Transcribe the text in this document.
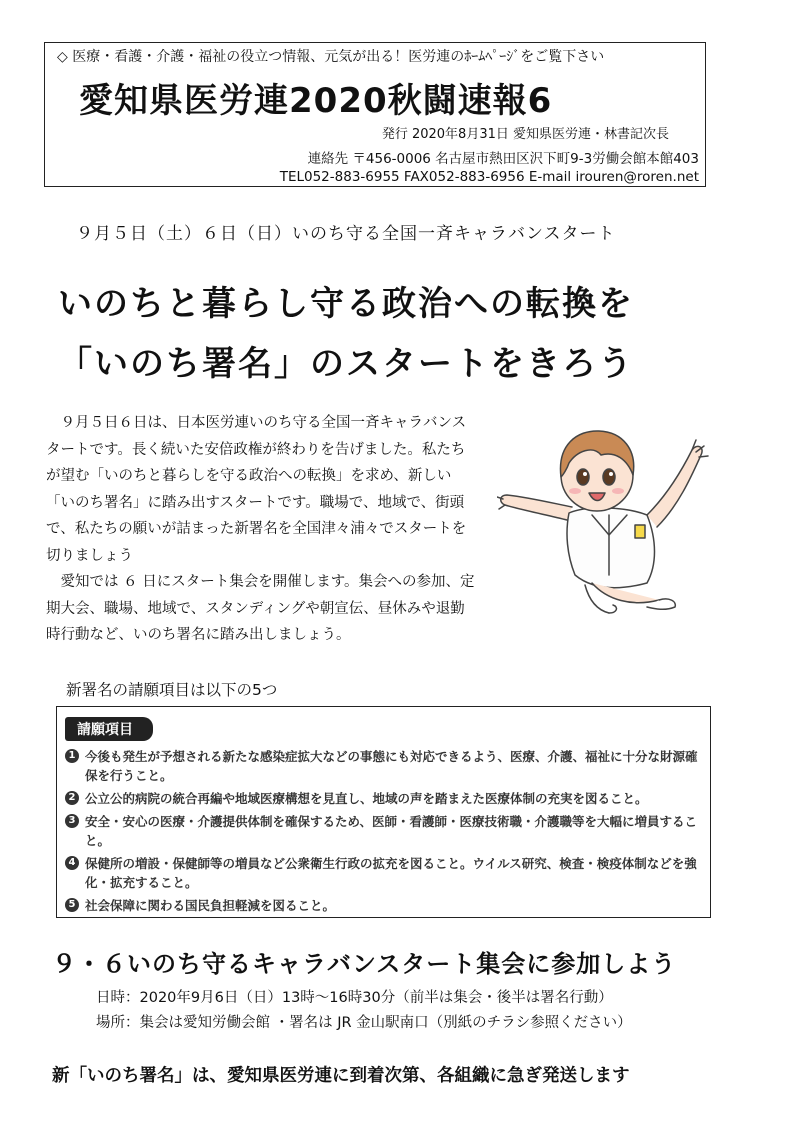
◇ 医療・看護・介護・福祉の役立つ情報、元気が出る！医労連のﾎｰﾑﾍﾟｰｼﾞをご覧下さい
愛知県医労連2020秋闘速報6
発行 2020年8月31日 愛知県医労連・林書記次長
連絡先 〒456-0006 名古屋市熱田区沢下町9-3労働会館本館403
TEL052-883-6955 FAX052-883-6956 E-mail irouren@roren.net
９月５日（土）６日（日）いのち守る全国一斉キャラバンスタート
いのちと暮らし守る政治への転換を
「いのち署名」のスタートをきろう

９月５日６日は、日本医労連いのち守る全国一斉キャラバンスタートです。長く続いた安倍政権が終わりを告げました。私たちが望む「いのちと暮らしを守る政治への転換」を求め、新しい「いのち署名」に踏み出すスタートです。職場で、地域で、街頭で、私たちの願いが詰まった新署名を全国津々浦々でスタートを切りましょう

愛知では ６ 日にスタート集会を開催します。集会への参加、定期大会、職場、地域で、スタンディングや朝宣伝、昼休みや退勤時行動など、いのち署名に踏み出しましょう。

新署名の請願項目は以下の5つ
請願項目
1 今後も発生が予想される新たな感染症拡大などの事態にも対応できるよう、医療、介護、福祉に十分な財源確保を行うこと。
2 公立公的病院の統合再編や地域医療構想を見直し、地域の声を踏まえた医療体制の充実を図ること。
3 安全・安心の医療・介護提供体制を確保するため、医師・看護師・医療技術職・介護職等を大幅に増員すること。
4 保健所の増設・保健師等の増員など公衆衛生行政の拡充を図ること。ウイルス研究、検査・検疫体制などを強化・拡充すること。
5 社会保障に関わる国民負担軽減を図ること。
９・６いのち守るキャラバンスタート集会に参加しよう
日時：2020年9月6日（日）13時～16時30分（前半は集会・後半は署名行動）
場所：集会は愛知労働会館 ・署名は JR 金山駅南口（別紙のチラシ参照ください）
新「いのち署名」は、愛知県医労連に到着次第、各組織に急ぎ発送します
